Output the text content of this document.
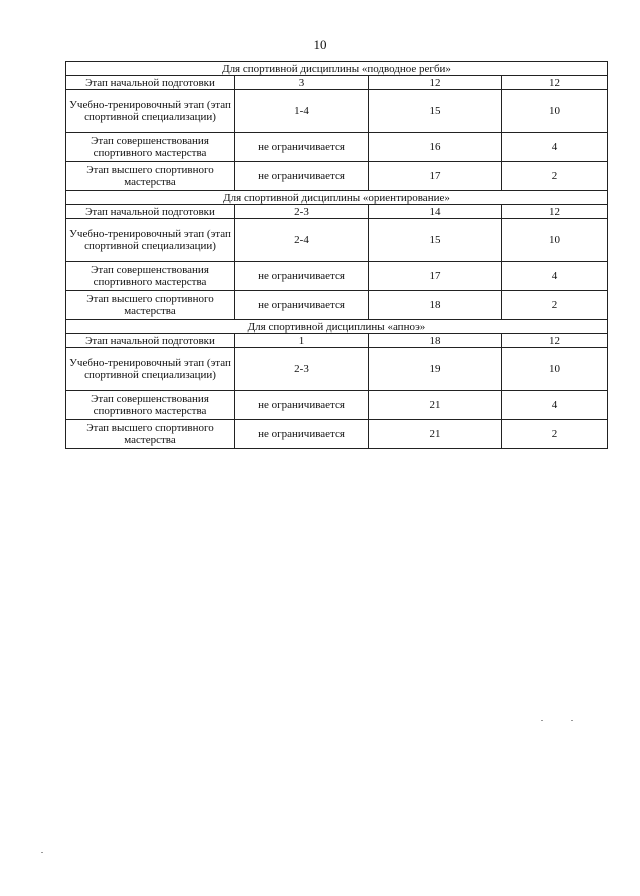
10
Для спортивной дисциплины «подводное регби»			
Этап начальной подготовки	3	12	12
Учебно-тренировочный этап (этап спортивной специализации)	1-4	15	10
Этап совершенствования спортивного мастерства	не ограничивается	16	4
Этап высшего спортивного мастерства	не ограничивается	17	2
Для спортивной дисциплины «ориентирование»			
Этап начальной подготовки	2-3	14	12
Учебно-тренировочный этап (этап спортивной специализации)	2-4	15	10
Этап совершенствования спортивного мастерства	не ограничивается	17	4
Этап высшего спортивного мастерства	не ограничивается	18	2
Для спортивной дисциплины «апноэ»			
Этап начальной подготовки	1	18	12
Учебно-тренировочный этап (этап спортивной специализации)	2-3	19	10
Этап совершенствования спортивного мастерства	не ограничивается	21	4
Этап высшего спортивного мастерства	не ограничивается	21	2
